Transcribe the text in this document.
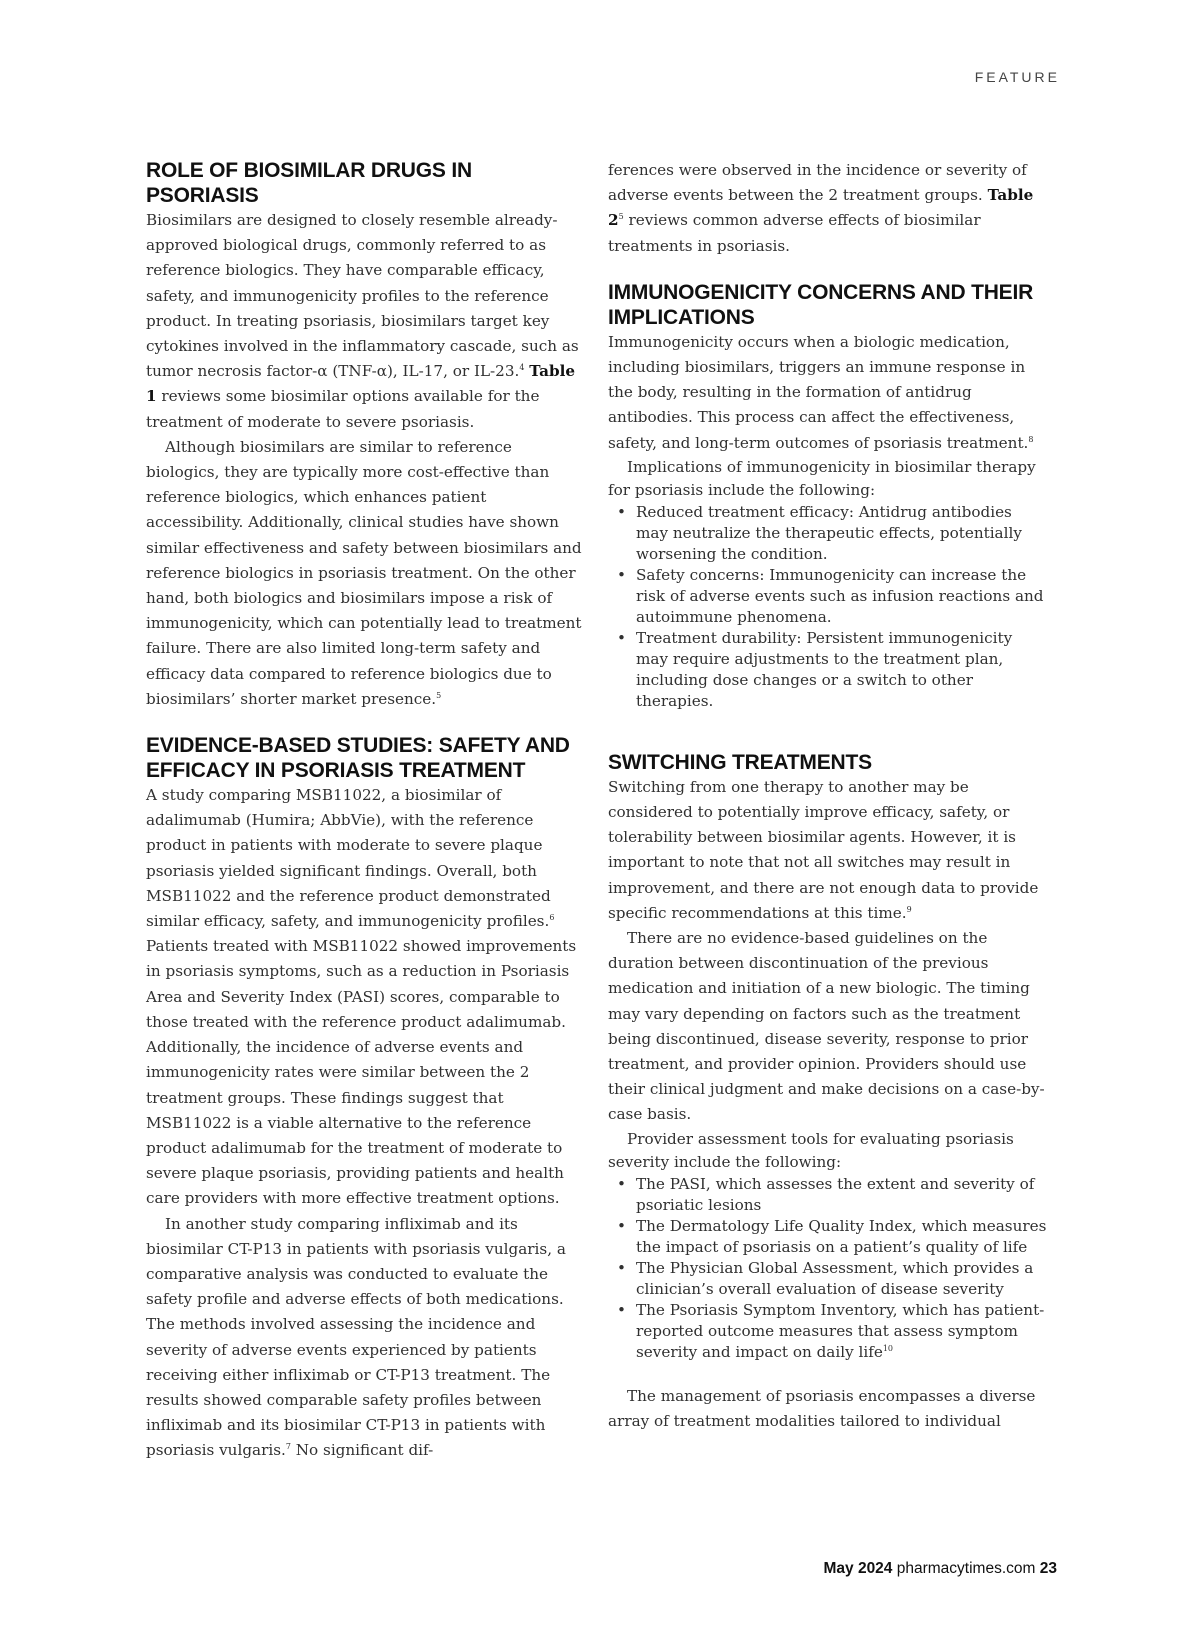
FEATURE
ROLE OF BIOSIMILAR DRUGS IN PSORIASIS

Biosimilars are designed to closely resemble already-approved biological drugs, commonly referred to as reference biologics. They have comparable efficacy, safety, and immunogenicity profiles to the reference product. In treating psoriasis, biosimilars target key cytokines involved in the inflammatory cascade, such as tumor necrosis factor-α (TNF-α), IL-17, or IL-23.$^4$ Table 1 reviews some biosimilar options available for the treatment of moderate to severe psoriasis.

Although biosimilars are similar to reference biologics, they are typically more cost-effective than reference biologics, which enhances patient accessibility. Additionally, clinical studies have shown similar effectiveness and safety between biosimilars and reference biologics in psoriasis treatment. On the other hand, both biologics and biosimilars impose a risk of immunogenicity, which can potentially lead to treatment failure. There are also limited long-term safety and efficacy data compared to reference biologics due to biosimilars’ shorter market presence.$^5$

EVIDENCE-BASED STUDIES: SAFETY AND EFFICACY IN PSORIASIS TREATMENT

A study comparing MSB11022, a biosimilar of adalimumab (Humira; AbbVie), with the reference product in patients with moderate to severe plaque psoriasis yielded significant findings. Overall, both MSB11022 and the reference product demonstrated similar efficacy, safety, and immunogenicity profiles.$^6$ Patients treated with MSB11022 showed improvements in psoriasis symptoms, such as a reduction in Psoriasis Area and Severity Index (PASI) scores, comparable to those treated with the reference product adalimumab. Additionally, the incidence of adverse events and immunogenicity rates were similar between the 2 treatment groups. These findings suggest that MSB11022 is a viable alternative to the reference product adalimumab for the treatment of moderate to severe plaque psoriasis, providing patients and health care providers with more effective treatment options.

In another study comparing infliximab and its biosimilar CT-P13 in patients with psoriasis vulgaris, a comparative analysis was conducted to evaluate the safety profile and adverse effects of both medications. The methods involved assessing the incidence and severity of adverse events experienced by patients receiving either infliximab or CT-P13 treatment. The results showed comparable safety profiles between infliximab and its biosimilar CT-P13 in patients with psoriasis vulgaris.$^7$ No significant dif-

ferences were observed in the incidence or severity of adverse events between the 2 treatment groups. Table $2^5$ reviews common adverse effects of biosimilar treatments in psoriasis.

IMMUNOGENICITY CONCERNS AND THEIR IMPLICATIONS

Immunogenicity occurs when a biologic medication, including biosimilars, triggers an immune response in the body, resulting in the formation of antidrug antibodies. This process can affect the effectiveness, safety, and long-term outcomes of psoriasis treatment.$^8$

Implications of immunogenicity in biosimilar therapy for psoriasis include the following:

• Reduced treatment efficacy: Antidrug antibodies may neutralize the therapeutic effects, potentially worsening the condition.
• Safety concerns: Immunogenicity can increase the risk of adverse events such as infusion reactions and autoimmune phenomena.
• Treatment durability: Persistent immunogenicity may require adjustments to the treatment plan, including dose changes or a switch to other therapies.
SWITCHING TREATMENTS

Switching from one therapy to another may be considered to potentially improve efficacy, safety, or tolerability between biosimilar agents. However, it is important to note that not all switches may result in improvement, and there are not enough data to provide specific recommendations at this time.$^9$

There are no evidence-based guidelines on the duration between discontinuation of the previous medication and initiation of a new biologic. The timing may vary depending on factors such as the treatment being discontinued, disease severity, response to prior treatment, and provider opinion. Providers should use their clinical judgment and make decisions on a case-by-case basis.

Provider assessment tools for evaluating psoriasis severity include the following:

• The PASI, which assesses the extent and severity of psoriatic lesions
• The Dermatology Life Quality Index, which measures the impact of psoriasis on a patient’s quality of life
• The Physician Global Assessment, which provides a clinician’s overall evaluation of disease severity
• The Psoriasis Symptom Inventory, which has patient-reported outcome measures that assess symptom severity and impact on daily life$^{10}$

The management of psoriasis encompasses a diverse array of treatment modalities tailored to individual

May 2024 pharmacytimes.com 23
